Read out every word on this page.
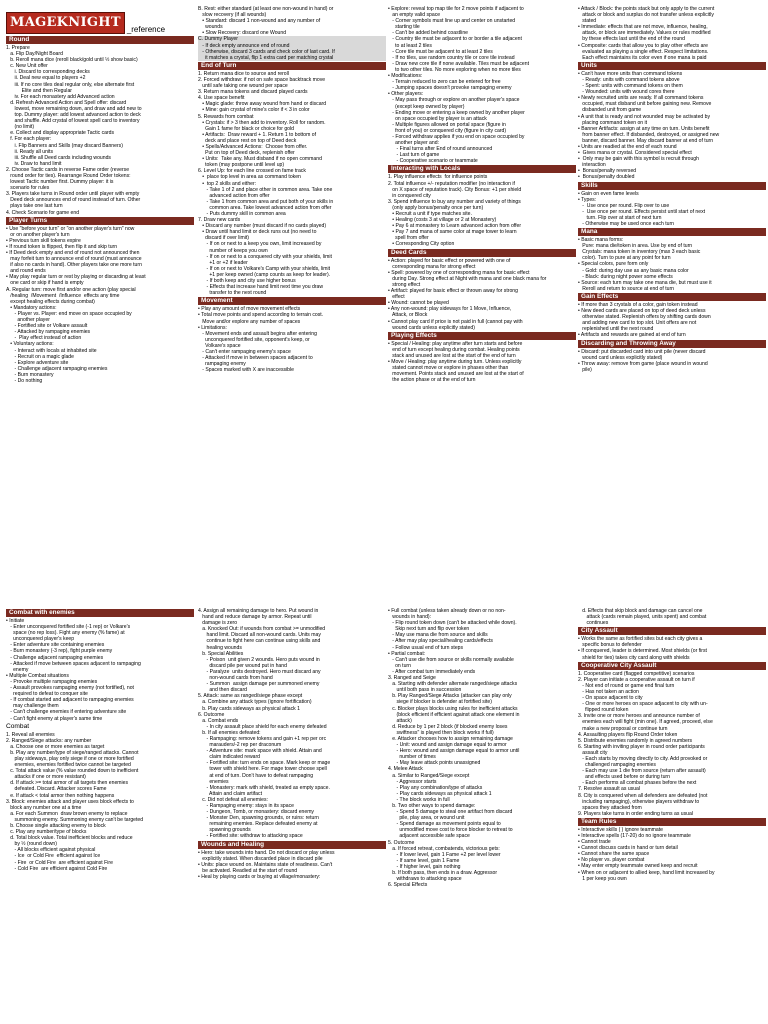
MAGEKNIGHT _reference
Round
1. Prepare
a. Flip Day/Night Board
b. Reroll mana dice (reroll black/gold until ½ show basic)
c. New Unit offer
i. Discard to corresponding decks
ii. Deal new equal to players +2
iii. If no core tiles deal regular only, else alternate first
Elite and then Regular
iv. For each monastery add Advanced action
d. Refresh Advanced Action and Spell offer: discard
lowest, move remaining down, and draw and add new to
top. Dummy player: add lowest advanced action to deck
and shuffle. Add crystal of lowest spell card to inventory
(no limit)
e. Collect and display appropriate Tactic cards
f. For each player:
i. Flip Banners and Skills (may discard Banners)
ii. Ready all units
iii. Shuffle all Deed cards including wounds
iv. Draw to hand limit
2. Choose Tactic cards in reverse Fame order (reverse
round order for ties). Rearrange Round Order tokens:
lowest Tactic number first. Dummy player: it is
scenario for rules
3. Players take turns in Round order until player with empty
Deed deck announces end of round instead of turn. Other
plays take one last turn
4. Check Scenario for game end
Player Turns
• Use "before your turn" or "on another player's turn" now
or on another player's turn
• Previous turn skill tokens expire
• If round token is flipped, then flip it and skip turn
• If Deed deck empty and end of round not announced then
may forfeit turn to announce end of round (must announce
if also no cards in hand). Other players take one more turn
and round ends
• May play regular turn or rest by playing or discarding at least
one card or skip if hand is empty
A. Regular turn: move first and/or one action (play special
/healing  /Movement  /Influence  effects any time
except healing effects during combat)
• Mandatory actions:
- Player vs. Player: end move on space occupied by
another player
- Fortified site or Volkare assault
- Attacked by rampaging enemies
-  Play effect instead of action
• Voluntary actions:
- Interact with locals at inhabited site
- Recruit on a magic glade
- Explore adventure site
- Challenge adjacent rampaging enemies
- Burn monastery
- Do nothing
B. Rest: either standard (at least one non-wound in hand) or
slow recovery (if all wounds)
• Standard: discard 1 non-wound and any number of
wounds
• Slow Recovery: discard one Wound
C. Dummy Player
- If deck empty announce end of round
- Otherwise, discard 3 cards and check color of last card. If
it matches a crystal, flip 1 extra card per matching crystal
End of Turn
1. Return mana dice to source and reroll
2. Forced withdraw: if not on safe space backtrack move
until safe taking one wound per space
3. Return mana tokens and discard played cards
4. Use space benefit
• Magic glade: throw away wound from hand or discard
• Mine: gain crystal of mine's color if < 3 in color
5. Rewards from combat
• Crystals: if > 3 then add to inventory. Roll for random.
Gain 1 fame for black or choice for gold
• Artifacts:  Draw reward + 1. Return 1 to bottom of
deck and place rest on top of Deed deck
• Spells/Advanced Actions:  Choose from offer.
Put on top of Deed deck, replenish offer
• Units:  Take any. Must disband if no open command
token (may postpone until level up)
6. Level Up: for each line crossed on fame track
•  place top level in area as command token
•  top 2 skills and either:
- Take 1 of 2 and place other in common area. Take one
advanced action from offer
- Take 1 from common area and put both of your skills in
common area. Take lowest advanced action from offer
- Puts dummy skill in common area
7. Draw new cards
• Discard any number (must discard if no cards played)
• Draw until hand limit or deck runs out (no need to
discard if over limit)
- If on or next to a keep you own, limit increased by
number of keeps you own
- If on or next to a conquered city with your shields, limit
+1 or +2 if leader
- If on or next to Volkare's Camp with your shields, limit
+1 per keep owned (camp counts as keep for leader).
- If both keep and city use higher bonus
- Effects that increase hand limit next time you draw
transfer to the next round
Movement
• Play any amount of move movement effects
• Total move points and spend according to terrain cost.
Move and/or explore any number of spaces
• Limitations:
- Movement ends and assault begins after entering
unconquered fortified site, opponent's keep, or
Volkare's space
- Can't enter rampaging enemy's space
- Attacked if move in between spaces adjacent to
rampaging enemy
- Spaces marked with X are inaccessible
• Explore: reveal top map tile for 2 move points if adjacent to
an empty valid space
- Corner symbols must line up and center on unstarted
starting tile
- Can't be added behind coastline
- Country tile must be adjacent to or border a tile adjacent
to at least 2 tiles
- Core tile must be adjacent to at least 2 tiles
- If no tiles, use random country tile or core tile instead
- Draw new core tile if none available. Tiles must be adjacent
to two other tiles. No more exploring when no more tiles
• Modifications:
- Terrain reduced to zero can be entered for free
- Jumping spaces doesn't provoke rampaging enemy
• Other players:
- May pass through or explore on another player's space
(except keep owned by player)
- Ending move or entering a keep owned by another player
on space occupied by player is an attack
- Multiple figures allowed on portal space (figure in
front of you) or conquered city (figure in city card)
- Forced withdraw applies if you end on space occupied by
another player and:
- Final turns after End of round announced
- Last turn of game
- Cooperative scenario or teammate
Interacting with Locals
1. Play influence effects  for influence points
2. Total influence +/- reputation modifier (no interaction if
on X space of reputation track). City Bonus: +1 per shield
in conquered city
3. Spend influence to buy any number and variety of things
(only apply bonus/penalty once per turn)
• Recruit a unit if type matches site.
• Healing (costs 3 at village or 2 at Monastery)
• Pay 6 at monastery to Learn advanced action from offer
• Pay 7 and mana of same color at mage tower to learn
spell from offer
• Corresponding City option
Deed Cards
• Action: played for basic effect or powered with one of
corresponding mana for strong effect
• Spell: powered by one of corresponding mana for basic effect
during Day. Strong effect at Night with mana and one black mana for
strong effect
• Artifact: played for basic effect or thrown away for strong
effect
• Wound: cannot be played
• Any non-wound: play sideways for 1 Move, Influence,
Attack, or Block
• Cannot play card if price is not paid in full (cannot pay with
wound cards unless explicitly stated)
Playing Effects
• Special / Healing: play anytime after turn starts and before
end of turn except healing during combat. Healing points
stack and unused are lost at the start of the end of turn
• Move / Healing: play anytime during turn. Unless explicitly
stated cannot move or explore in phases other than
movement. Points stack and unused are lost at the start of
the action phase or at the end of turn
• Attack / Block: the points stack but only apply to the current
attack or block and surplus do not transfer unless explicitly
stated
• Immediate: effects that are not move, influence, healing,
attack, or block are immediately. Values or rules modified
by these effects last until the end of the round
• Composite: cards that allow you to play other effects are
evaluated as playing a single effect. Respect limitations.
Each effect maintains its color even if one mana is paid
Units
• Can't have more units than command tokens
- Ready: units with command tokens above
- Spent: units with command tokens on them
- Wounded: units with wound cores there
• Newly recruited units are ready. If all command tokens
occupied, must disband unit before gaining new. Remove
disbanded unit from game
• A unit that is ready and not wounded may be activated by
placing command token on it
• Banner Artifacts: assign at any time on turn. Units benefit
from banner effect. If disbanded, destroyed, or assigned new
banner, discard banner. May discard banner at end of turn
• Units are readied at the end of each round
•  Gives mana or crystal. Considered special effect
•  Only may be gain with this symbol is recruit through
interaction
•  Bonus/penalty reversed
•  Bonus/penalty doubled
Skills
• Gain on even fame levels
• Types:
-  Use once per round. Flip over to use
-  Use once per round. Effects persist until start of next
turn. Flip over at start of next turn
- Otherwise may be used once each turn
Mana
• Basic mana forms:
Pure: mana die/token in area. Use by end of turn
Crystals: mana token in inventory (max 3 each basic
color). Turn to pure at any point for turn
• Special colors, pure form only
- Gold: during day use as any basic mana color
- Black: during night power some effects
• Source: each turn may take one mana die, but must use it
Reroll and return to source at end of turn
Gain Effects
• If more than 3 crystals of a color, gain token instead
• New deed cards are placed on top of deed deck unless
otherwise stated. Replenish offers by shifting cards down
and adding new card to top slot. Unit offers are not
replenished until the next round
• Artifacts and rewards are gained at end of turn
Discarding and Throwing Away
• Discard: put discarded card into unit pile (never discard
wound card unless explicitly stated)
• Throw away: remove from game (place wound in wound
pile)
Combat with enemies
• Initiate
- Enter unconquered fortified site (-1 rep) or Volkare's
space (no rep loss). Fight any enemy (% fame) at
unconquered player's keep
- Enter adventure site containing enemies
- Burn monastery (-3 rep), fight purple enemy
- Challenge adjacent rampaging enemies
- Attacked if move between spaces adjacent to rampaging
enemy
• Multiple Combat situations
- Provoke multiple rampaging enemies
- Assault provokes rampaging enemy (not fortified), not
required to defeat to conquer site
- If combat started and adjacent to rampaging enemies
may challenge them
- Can't challenge enemies if entering adventure site
- Can't fight enemy at player's same time
Combat
1. Reveal all enemies
2. Ranged/Siege attacks: any number
a. Choose one or more enemies as target
b. Play any number/type of siege/ranged attacks. Cannot
play sideways, play only siege if one or more fortified
enemies, enemies fortified twice cannot be targeted
c. Total attack value (% value rounded down to inefficient
attacks if one or more resistant)
d. If attack >= total armor of all targets then enemies
defeated. Discard. Attacker scores Fame
e. If attack < total armor then nothing happens
3. Block: enemies attack and player uses block effects to
block any number one at a time
a. For each Summon  draw brown enemy to replace
summoning enemy. Summoning enemy can't be targeted
b. Choose single attacking enemy to block
c. Play any number/type of blocks
d. Total block value. Total inefficient blocks and reduce
by ½ (round down)
- All blocks efficient against physical
- Ice  or Cold Fire  efficient against Ice
- Fire  or Cold Fire  are efficient against Fire
- Cold Fire  are efficient against Cold Fire
4. Assign all remaining damage to hero. Put wound in
hand and reduce damage by armor. Repeat until
damage is zero
a. Knocked Out: if wounds from combat >= unmodified
hand limit. Discard all non-wound cards. Units may
continue to fight here can continue using skills and
healing wounds
b. Special Abilities
- Poison  unit given 2 wounds. Hero puts wound in
discard pile per wound put in hand
- Paralyze  units destroyed. Hero must discard any
non-wound cards from hand
- Summon  assign damage per summoned enemy
and then discard
5. Attack: same as ranged/siege phase except
a. Combine any attack types (ignore fortification)
b. Play cards sideways as physical attack 1
6. Outcome
a. Combat ends
- In city assault place shield for each enemy defeated
b. If all enemies defeated:
- Rampaging: remove tokens and gain +1 rep per orc
marauders/-2 rep per draconum
- Adventure site: mark space with shield. Attain and
claim indicated reward
- Fortified site: turn ends on space. Mark keep or mage
tower with shield here. For mage tower choose spell
at end of turn. Don't have to defeat rampaging
enemies
- Monastery: mark with shield, treated as empty space.
Attain and claim artifact
c. Did not defeat all enemies:
- Rampaging enemy: stays in its space
- Dungeon, Tomb, or monastery: discard enemy
- Monster Den, spawning grounds, or ruins: return
remaining enemies. Replace defeated enemy at
spawning grounds
- Fortified site: withdraw to attacking space
Wounds and Healing
• Hero: take wounds into hand. Do not discard or play unless
explicitly stated. When discarded place in discard pile
• Units: place wound on. Maintains state of readiness. Can't
be activated. Readied at the start of round
• Heal by playing cards or buying at village/monastery:
• Full combat (unless taken already down or no non-
wounds in hand):
- Flip round token down (can't be attacked while down).
Skip next turn and flip over token
- May use mana die from source and skills
- After may play special/healing cards/effects
- Follow usual end of turn steps
• Partial combat:
- Can't use die from source or skills normally available
on turn
- After combat turn immediately ends
3. Ranged and Seige
a. Starting with defender alternate ranged/siege attacks
until both pass in succession
b. Play Ranged/Siege Attacks (attacker can play only
siege if blocker is defender at fortified site)
c. Blocker plays blocks using rules for inefficient attacks
(block efficient if efficient against attack one element in
attack)
d. Reduce by 1 per 2 block (if blocked enemy loses
swiftness" is played then block works if full)
e. Attacker chooses how to assign remaining damage
- Unit: wound and assign damage equal to armor
- Hero: wound and assign damage equal to armor until
number of times
- May leave attack points unassigned
4. Melee Attack
a. Similar to Ranged/Siege except
- Aggressor starts
- Play any combination/type of attacks
- Play cards sideways as physical attack 1
- The block works in full
b. Two other ways to spend damage:
- Spend 5 damage to steal one artifact from discard
pile, play area, or wound unit
- Spend damage as movement points equal to
unmodified move cost to force blocker to retreat to
adjacent accessible safe space
5. Outcome
a. If forced retreat, combatends, victorious gets:
- If lower level, gain 1 Fame +2 per level lower
- If same level, gain 1 Fame
- If higher level, gain nothing
b. If both pass, then ends in a draw. Aggressor
withdraws to attacking space
6. Special Effects
d. Effects that skip block and damage can cancel one
attack (cards remain played, units spent) and combat
continues
City Assault
• Works the same as fortified sites but each city gives a
specific bonus to defender
• If conquered, leader is determined. Most shields (or first
shield for ties) takes city card along with shields
Cooperative City Assault
1. Cooperative card (flagged competitive) scenarios
2. Player can initiate a cooperative assault on turn if
- Not end of round or game end final turn
- Has not taken an action
- On space adjacent to city
- One or more heroes on space adjacent to city with un-
flipped round token
3. Invite one or more heroes and announce number of
enemies each will fight (min one). If agreed, proceed, else
make a new proposal or continue turn
4. Assaulting players flip Round Order token
5. Distribute enemies randomly in agreed numbers
6. Starting with inviting player in round order participants
assault city
- Each starts by moving directly to city. Add provoked or
challenged rampaging enemies
- Each may use 1 die from source (return after assault)
and effects used before or during turn
- Each performs all combat phases before the next
7. Resolve assault as usual
8. City is conquered when all defenders are defeated (not
including rampaging), otherwise players withdraw to
spaces they attacked from
9. Players take turns in order ending turns as usual
Team Rules
• Interactive skills ( ) ignore teammate
• Interactive spells (17-20) do no ignore teammate
• Cannot trade
• Cannot discuss cards in hand or turn detail
• Cannot share the same space
• No player vs. player combat
• May enter empty teammate owned keep and recruit
• When on or adjacent to allied keep, hand limit increased by
1 per keep you own
